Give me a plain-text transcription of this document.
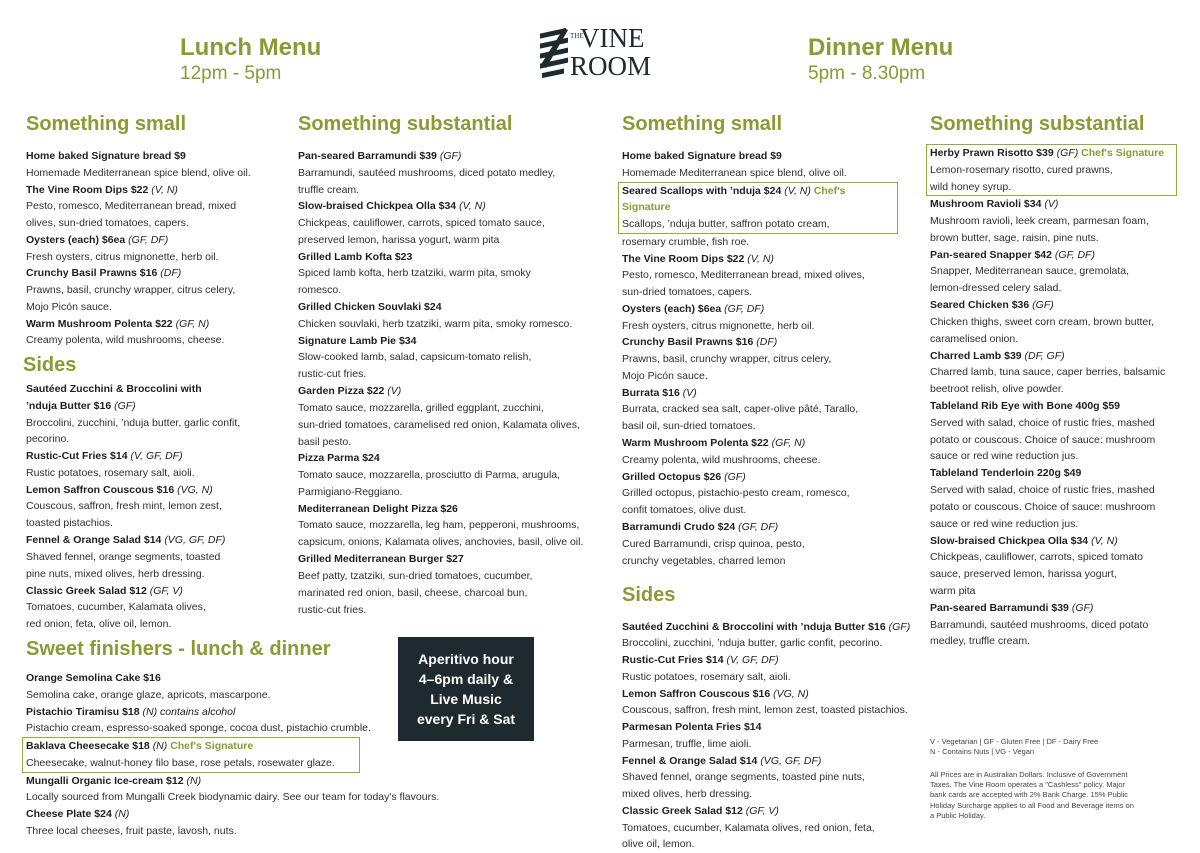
Lunch Menu
12pm - 5pm
Dinner Menu
5pm - 8.30pm
THE
VINE
ROOM
Something small
Home baked Signature bread $9
Homemade Mediterranean spice blend, olive oil.
The Vine Room Dips $22 (V, N)
Pesto, romesco, Mediterranean bread, mixed
olives, sun-dried tomatoes, capers.
Oysters (each) $6ea (GF, DF)
Fresh oysters, citrus mignonette, herb oil.
Crunchy Basil Prawns $16 (DF)
Prawns, basil, crunchy wrapper, citrus celery,
Mojo Picón sauce.
Warm Mushroom Polenta $22 (GF, N)
Creamy polenta, wild mushrooms, cheese.
Sides
Sautéed Zucchini & Broccolini with
’nduja Butter $16 (GF)
Broccolini, zucchini, ’nduja butter, garlic confit,
pecorino.
Rustic-Cut Fries $14 (V, GF, DF)
Rustic potatoes, rosemary salt, aioli.
Lemon Saffron Couscous $16 (VG, N)
Couscous, saffron, fresh mint, lemon zest,
toasted pistachios.
Fennel & Orange Salad $14 (VG, GF, DF)
Shaved fennel, orange segments, toasted
pine nuts, mixed olives, herb dressing.
Classic Greek Salad $12 (GF, V)
Tomatoes, cucumber, Kalamata olives,
red onion, feta, olive oil, lemon.
Something substantial
Pan-seared Barramundi $39 (GF)
Barramundi, sautéed mushrooms, diced potato medley,
truffle cream.
Slow-braised Chickpea Olla $34 (V, N)
Chickpeas, cauliflower, carrots, spiced tomato sauce,
preserved lemon, harissa yogurt, warm pita
Grilled Lamb Kofta $23
Spiced lamb kofta, herb tzatziki, warm pita, smoky
romesco.
Grilled Chicken Souvlaki $24
Chicken souvlaki, herb tzatziki, warm pita, smoky romesco.
Signature Lamb Pie $34
Slow-cooked lamb, salad, capsicum-tomato relish,
rustic-cut fries.
Garden Pizza $22 (V)
Tomato sauce, mozzarella, grilled eggplant, zucchini,
sun-dried tomatoes, caramelised red onion, Kalamata olives,
basil pesto.
Pizza Parma $24
Tomato sauce, mozzarella, prosciutto di Parma, arugula,
Parmigiano-Reggiano.
Mediterranean Delight Pizza $26
Tomato sauce, mozzarella, leg ham, pepperoni, mushrooms,
capsicum, onions, Kalamata olives, anchovies, basil, olive oil.
Grilled Mediterranean Burger $27
Beef patty, tzatziki, sun-dried tomatoes, cucumber,
marinated red onion, basil, cheese, charcoal bun,
rustic-cut fries.
Sweet finishers - lunch & dinner
Orange Semolina Cake $16
Semolina cake, orange glaze, apricots, mascarpone.
Pistachio Tiramisu $18 (N) contains alcohol
Pistachio cream, espresso-soaked sponge, cocoa dust, pistachio crumble.
Baklava Cheesecake $18 (N) Chef's Signature
Cheesecake, walnut-honey filo base, rose petals, rosewater glaze.
Mungalli Organic Ice-cream $12 (N)
Locally sourced from Mungalli Creek biodynamic dairy. See our team for today's flavours.
Cheese Plate $24 (N)
Three local cheeses, fruit paste, lavosh, nuts.
Aperitivo hour
4–6pm daily &
Live Music
every Fri & Sat
Something small
Home baked Signature bread $9
Homemade Mediterranean spice blend, olive oil.
Seared Scallops with ’nduja $24 (V, N) Chef's Signature
Scallops, ’nduja butter, saffron potato cream,
rosemary crumble, fish roe.
The Vine Room Dips $22 (V, N)
Pesto, romesco, Mediterranean bread, mixed olives,
sun-dried tomatoes, capers.
Oysters (each) $6ea (GF, DF)
Fresh oysters, citrus mignonette, herb oil.
Crunchy Basil Prawns $16 (DF)
Prawns, basil, crunchy wrapper, citrus celery,
Mojo Picón sauce.
Burrata $16 (V)
Burrata, cracked sea salt, caper-olive pâté, Tarallo,
basil oil, sun-dried tomatoes.
Warm Mushroom Polenta $22 (GF, N)
Creamy polenta, wild mushrooms, cheese.
Grilled Octopus $26 (GF)
Grilled octopus, pistachio-pesto cream, romesco,
confit tomatoes, olive dust.
Barramundi Crudo $24 (GF, DF)
Cured Barramundi, crisp quinoa, pesto,
crunchy vegetables, charred lemon
Sides
Sautéed Zucchini & Broccolini with ’nduja Butter $16 (GF)
Broccolini, zucchini, ’nduja butter, garlic confit, pecorino.
Rustic-Cut Fries $14 (V, GF, DF)
Rustic potatoes, rosemary salt, aioli.
Lemon Saffron Couscous $16 (VG, N)
Couscous, saffron, fresh mint, lemon zest, toasted pistachios.
Parmesan Polenta Fries $14
Parmesan, truffle, lime aioli.
Fennel & Orange Salad $14 (VG, GF, DF)
Shaved fennel, orange segments, toasted pine nuts,
mixed olives, herb dressing.
Classic Greek Salad $12 (GF, V)
Tomatoes, cucumber, Kalamata olives, red onion, feta,
olive oil, lemon.
Something substantial
Herby Prawn Risotto $39 (GF) Chef's Signature
Lemon-rosemary risotto, cured prawns,
wild honey syrup.
Mushroom Ravioli $34 (V)
Mushroom ravioli, leek cream, parmesan foam,
brown butter, sage, raisin, pine nuts.
Pan-seared Snapper $42 (GF, DF)
Snapper, Mediterranean sauce, gremolata,
lemon-dressed celery salad.
Seared Chicken $36 (GF)
Chicken thighs, sweet corn cream, brown butter,
caramelised onion.
Charred Lamb $39 (DF, GF)
Charred lamb, tuna sauce, caper berries, balsamic
beetroot relish, olive powder.
Tableland Rib Eye with Bone 400g $59
Served with salad, choice of rustic fries, mashed
potato or couscous. Choice of sauce: mushroom
sauce or red wine reduction jus.
Tableland Tenderloin 220g $49
Served with salad, choice of rustic fries, mashed
potato or couscous. Choice of sauce: mushroom
sauce or red wine reduction jus.
Slow-braised Chickpea Olla $34 (V, N)
Chickpeas, cauliflower, carrots, spiced tomato
sauce, preserved lemon, harissa yogurt,
warm pita
Pan-seared Barramundi $39 (GF)
Barramundi, sautéed mushrooms, diced potato
medley, truffle cream.
V - Vegetarian | GF - Gluten Free | DF - Dairy Free
N - Contains Nuts | VG - Vegan
All Prices are in Australian Dollars. Inclusive of Government
Taxes. The Vine Room operates a "Cashless" policy. Major
bank cards are accepted with 2% Bank Charge. 15% Public
Holiday Surcharge applies to all Food and Beverage items on
a Public Holiday.
